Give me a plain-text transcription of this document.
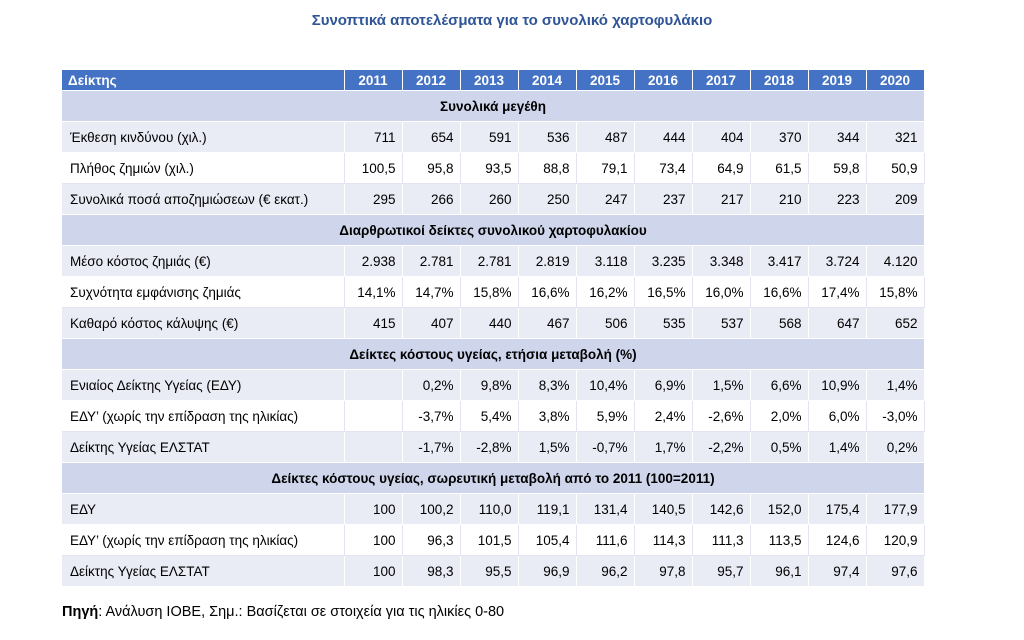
Συνοπτικά αποτελέσματα για το συνολικό χαρτοφυλάκιο
Δείκτης	2011	2012	2013	2014	2015	2016	2017	2018	2019	2020
Συνολικά μεγέθη										
Έκθεση κινδύνου (χιλ.)	711	654	591	536	487	444	404	370	344	321
Πλήθος ζημιών (χιλ.)	100,5	95,8	93,5	88,8	79,1	73,4	64,9	61,5	59,8	50,9
Συνολικά ποσά αποζημιώσεων (€ εκατ.)	295	266	260	250	247	237	217	210	223	209
Διαρθρωτικοί δείκτες συνολικού χαρτοφυλακίου										
Μέσο κόστος ζημιάς (€)	2.938	2.781	2.781	2.819	3.118	3.235	3.348	3.417	3.724	4.120
Συχνότητα εμφάνισης ζημιάς	14,1%	14,7%	15,8%	16,6%	16,2%	16,5%	16,0%	16,6%	17,4%	15,8%
Καθαρό κόστος κάλυψης (€)	415	407	440	467	506	535	537	568	647	652
Δείκτες κόστους υγείας, ετήσια μεταβολή (%)										
Ενιαίος Δείκτης Υγείας (ΕΔΥ)		0,2%	9,8%	8,3%	10,4%	6,9%	1,5%	6,6%	10,9%	1,4%
ΕΔΥ’ (χωρίς την επίδραση της ηλικίας)		-3,7%	5,4%	3,8%	5,9%	2,4%	-2,6%	2,0%	6,0%	-3,0%
Δείκτης Υγείας ΕΛΣΤΑΤ		-1,7%	-2,8%	1,5%	-0,7%	1,7%	-2,2%	0,5%	1,4%	0,2%
Δείκτες κόστους υγείας, σωρευτική μεταβολή από το 2011 (100=2011)										
ΕΔΥ	100	100,2	110,0	119,1	131,4	140,5	142,6	152,0	175,4	177,9
ΕΔΥ’ (χωρίς την επίδραση της ηλικίας)	100	96,3	101,5	105,4	111,6	114,3	111,3	113,5	124,6	120,9
Δείκτης Υγείας ΕΛΣΤΑΤ	100	98,3	95,5	96,9	96,2	97,8	95,7	96,1	97,4	97,6
Πηγή: Ανάλυση ΙΟΒΕ, Σημ.: Βασίζεται σε στοιχεία για τις ηλικίες 0-80
